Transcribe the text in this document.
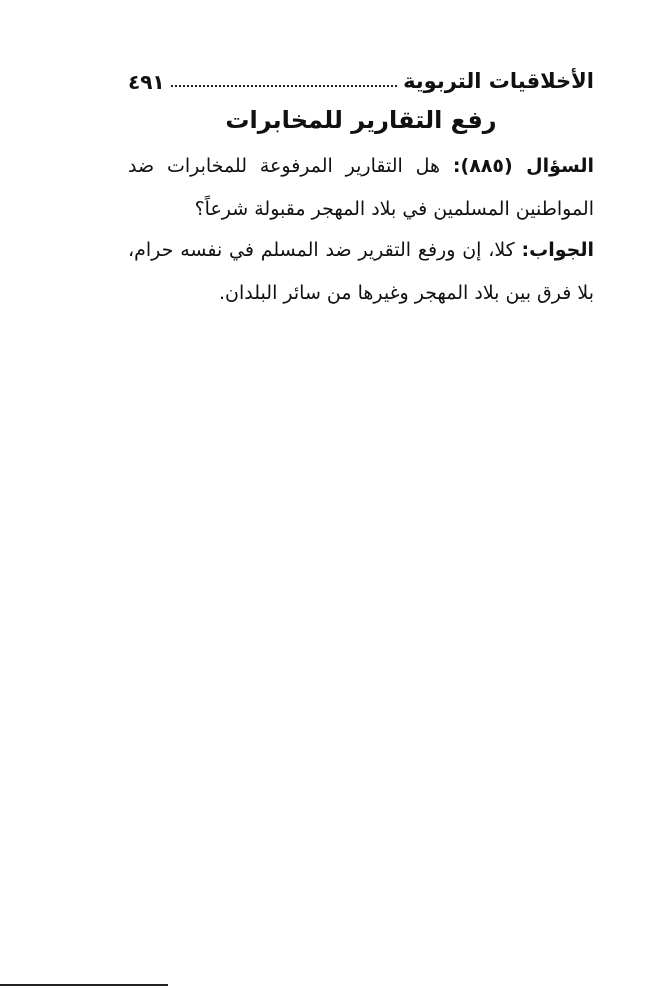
الأخلاقيات التربوية
٤٩١
رفع التقارير للمخابرات
السؤال (٨٨٥): هل التقارير المرفوعة للمخابرات ضد المواطنين المسلمين في بلاد المهجر مقبولة شرعاً؟
الجواب: كلا، إن ورفع التقرير ضد المسلم في نفسه حرام، بلا فرق بين بلاد المهجر وغيرها من سائر البلدان.
